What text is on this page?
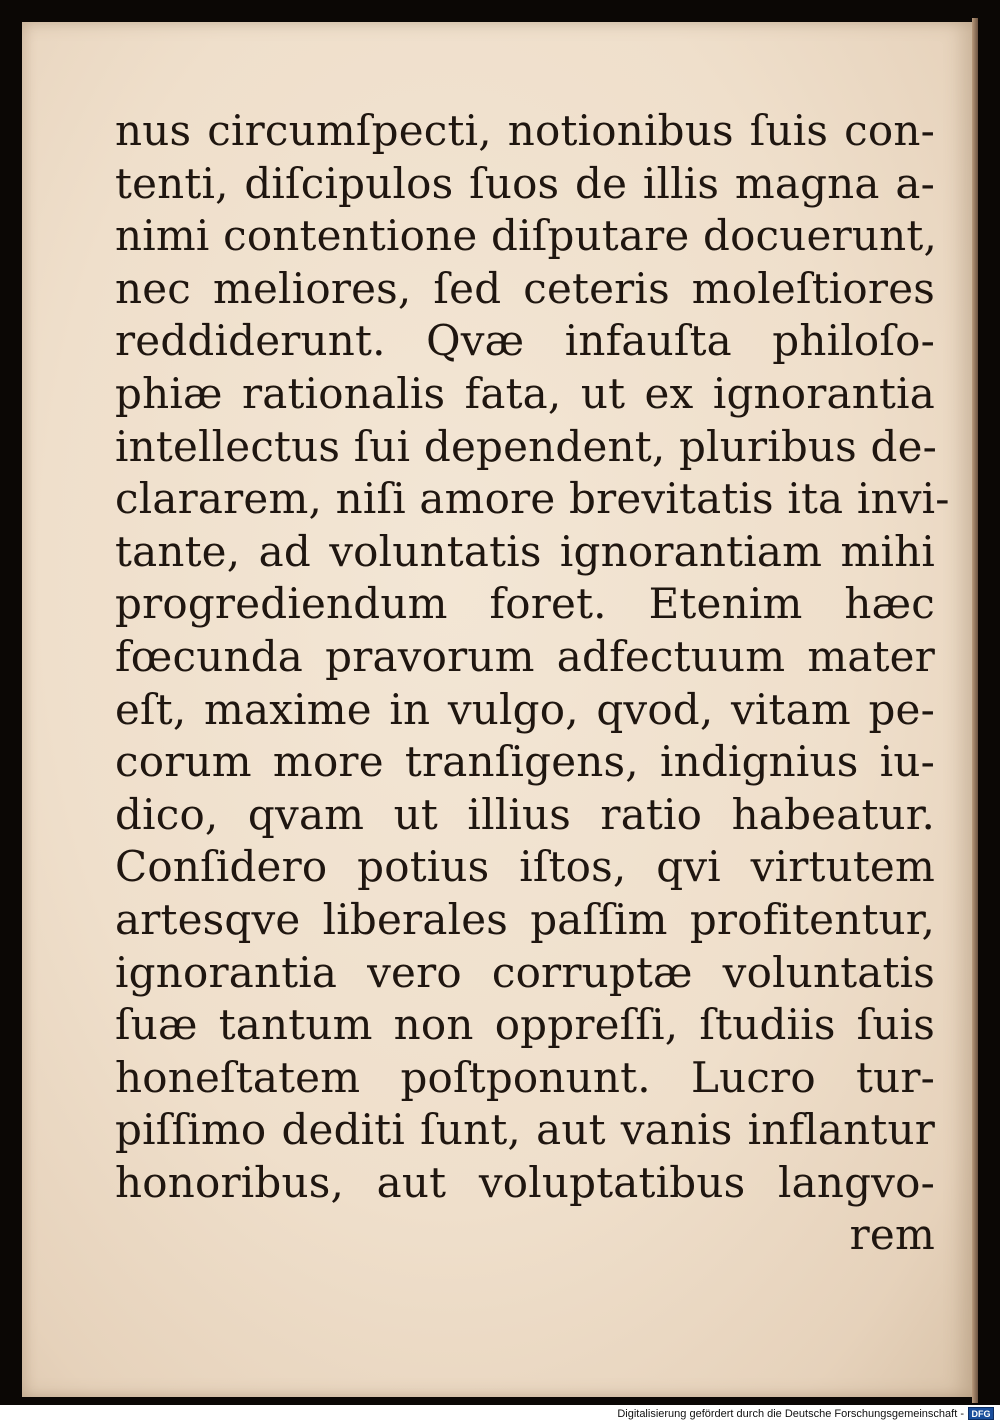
nus circumſpecti, notionibus ſuis con-
tenti, diſcipulos ſuos de illis magna a-
nimi contentione diſputare docuerunt,
nec meliores, ſed ceteris moleſtiores
reddiderunt. Qvæ infauſta philoſo-
phiæ rationalis fata, ut ex ignorantia
intellectus ſui dependent, pluribus de-
clararem, niſi amore brevitatis ita invi-
tante, ad voluntatis ignorantiam mihi
progrediendum foret. Etenim hæc
fœcunda pravorum adfectuum mater
eſt, maxime in vulgo, qvod, vitam pe-
corum more tranſigens, indignius iu-
dico, qvam ut illius ratio habeatur.
Conſidero potius iſtos, qvi virtutem
artesqve liberales paſſim profitentur,
ignorantia vero corruptæ voluntatis
ſuæ tantum non oppreſſi, ſtudiis ſuis
honeſtatem poſtponunt. Lucro tur-
piſſimo dediti ſunt, aut vanis inflantur
honoribus, aut voluptatibus langvo-
rem
Digitalisierung gefördert durch die Deutsche Forschungsgemeinschaft - DFG
